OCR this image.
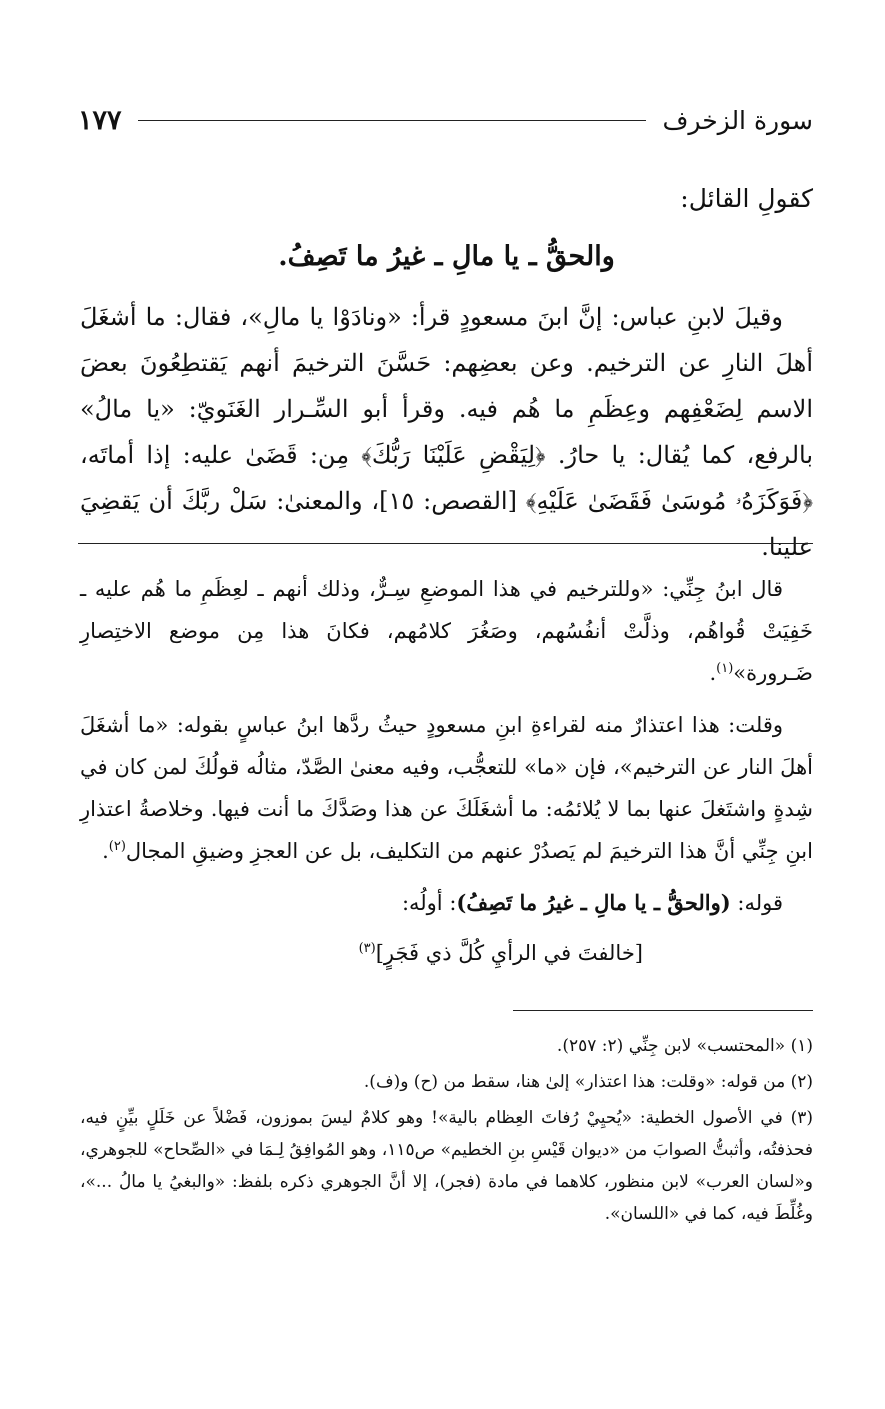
سورة الزخرف
١٧٧

كقولِ القائل:

والحقُّ ـ يا مالِ ـ غيرُ ما تَصِفُ.

وقيلَ لابنِ عباس: إنَّ ابنَ مسعودٍ قرأ: «ونادَوْا يا مالِ»، فقال: ما أشغَلَ أهلَ النارِ عن الترخيم. وعن بعضِهم: حَسَّنَ الترخيمَ أنهم يَقتطِعُونَ بعضَ الاسم لِضَعْفِهم وعِظَمِ ما هُم فيه. وقرأ أبو السِّـرار الغَنَويّ: «يا مالُ» بالرفع، كما يُقال: يا حارُ. ﴿لِيَقْضِ عَلَيْنَا رَبُّكَ﴾ مِن: قَضَىٰ عليه: إذا أماتَه، ﴿فَوَكَزَهُۥ مُوسَىٰ فَقَضَىٰ عَلَيْهِ﴾ [القصص: ١٥]، والمعنىٰ: سَلْ ربَّكَ أن يَقضِيَ علينا.

قال ابنُ جِنِّي: «وللترخيم في هذا الموضعِ سِـرٌّ، وذلك أنهم ـ لعِظَمِ ما هُم عليه ـ خَفِيَتْ قُواهُم، وذلَّتْ أنفُسُهم، وصَغُرَ كلامُهم، فكانَ هذا مِن موضع الاختِصارِ ضَـرورة»$^{(١)}$.

وقلت: هذا اعتذارٌ منه لقراءةِ ابنِ مسعودٍ حيثُ ردَّها ابنُ عباسٍ بقوله: «ما أشغَلَ أهلَ النار عن الترخيم»، فإن «ما» للتعجُّب، وفيه معنىٰ الصَّدّ، مثالُه قولُكَ لمن كان في شِدةٍ واشتَغلَ عنها بما لا يُلائمُه: ما أشغَلَكَ عن هذا وصَدَّكَ ما أنت فيها. وخلاصةُ اعتذارِ ابنِ جِنِّي أنَّ هذا الترخيمَ لم يَصدُرْ عنهم من التكليف، بل عن العجزِ وضيقِ المجال$^{(٢)}$.

قوله: (والحقُّ ـ يا مالِ ـ غيرُ ما تَصِفُ): أولُه:

[خالفتَ في الرأيِ كُلَّ ذي فَجَرٍ]$^{(٣)}$

(١) «المحتسب» لابن جِنِّي (٢: ٢٥٧).

(٢) من قوله: «وقلت: هذا اعتذار» إلىٰ هنا، سقط من (ح) و(ف).

(٣) في الأصول الخطية: «يُحيِيْ رُفاتَ العِظام بالية»! وهو كلامٌ ليسَ بموزون، فَضْلاً عن خَلَلٍ بيِّنٍ فيه، فحذفتُه، وأثبتُّ الصوابَ من «ديوان قَيْسِ بنِ الخطيم» ص١١٥، وهو المُوافِقُ لِـمَا في «الصِّحاح» للجوهري، و«لسان العرب» لابن منظور، كلاهما في مادة (فجر)، إلا أنَّ الجوهري ذكره بلفظ: «والبغيُ يا مالُ ...»، وغُلِّطَ فيه، كما في «اللسان».
